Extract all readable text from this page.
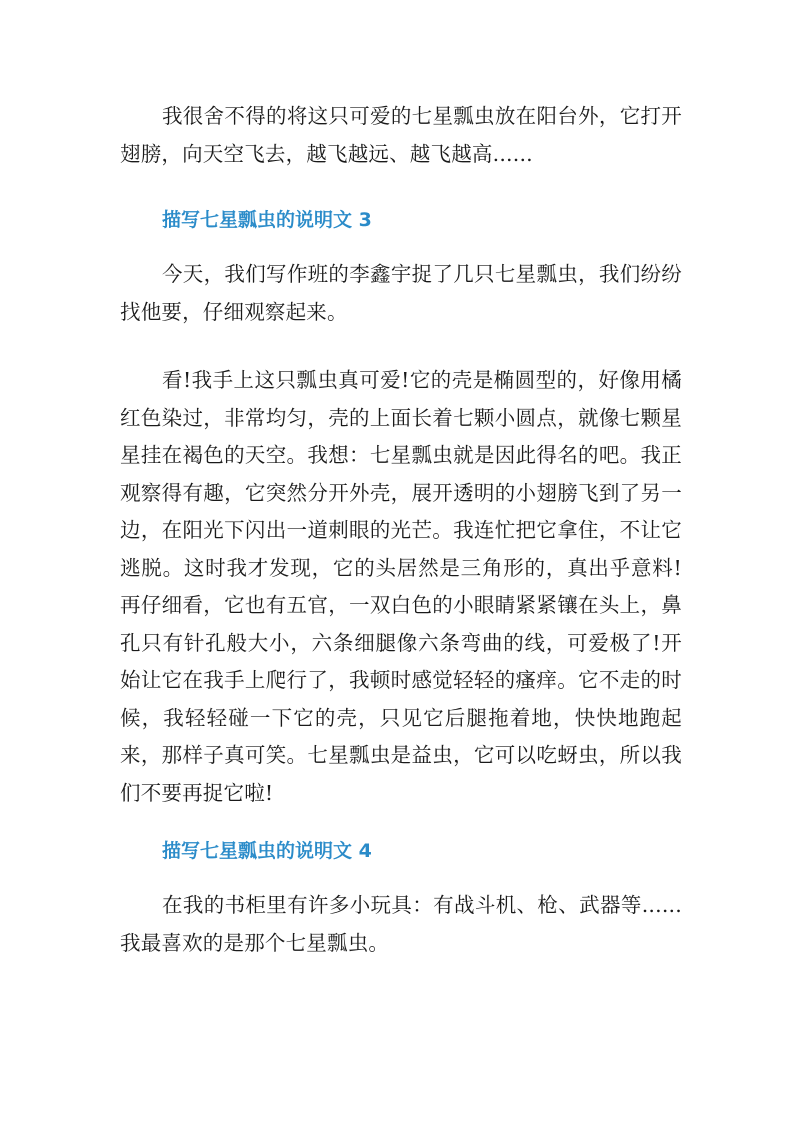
我很舍不得的将这只可爱的七星瓢虫放在阳台外，它打开翅膀，向天空飞去，越飞越远、越飞越高......

描写七星瓢虫的说明文 3

今天，我们写作班的李鑫宇捉了几只七星瓢虫，我们纷纷找他要，仔细观察起来。

看!我手上这只瓢虫真可爱!它的壳是椭圆型的，好像用橘红色染过，非常均匀，壳的上面长着七颗小圆点，就像七颗星星挂在褐色的天空。我想：七星瓢虫就是因此得名的吧。我正观察得有趣，它突然分开外壳，展开透明的小翅膀飞到了另一边，在阳光下闪出一道刺眼的光芒。我连忙把它拿住，不让它逃脱。这时我才发现，它的头居然是三角形的，真出乎意料!再仔细看，它也有五官，一双白色的小眼睛紧紧镶在头上，鼻孔只有针孔般大小，六条细腿像六条弯曲的线，可爱极了!开始让它在我手上爬行了，我顿时感觉轻轻的瘙痒。它不走的时候，我轻轻碰一下它的壳，只见它后腿拖着地，快快地跑起来，那样子真可笑。七星瓢虫是益虫，它可以吃蚜虫，所以我们不要再捉它啦!

描写七星瓢虫的说明文 4

在我的书柜里有许多小玩具：有战斗机、枪、武器等......我最喜欢的是那个七星瓢虫。
